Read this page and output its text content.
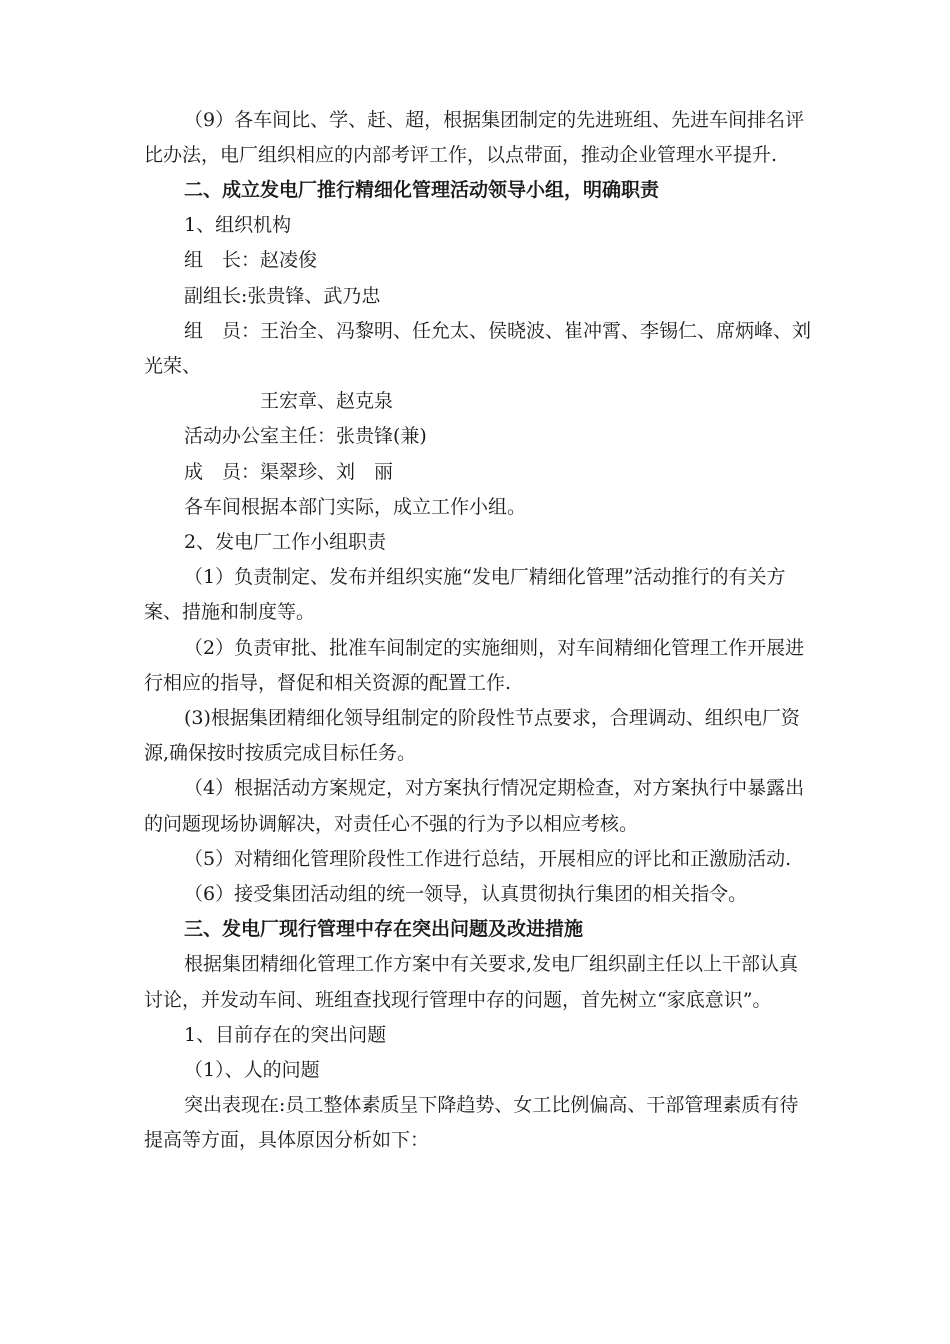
（9）各车间比、学、赶、超，根据集团制定的先进班组、先进车间排名评
比办法，电厂组织相应的内部考评工作，以点带面，推动企业管理水平提升.
二、成立发电厂推行精细化管理活动领导小组，明确职责
1、组织机构
组　长：赵凌俊
副组长:张贵锋、武乃忠
组　员：王治全、冯黎明、任允太、侯晓波、崔冲霄、李锡仁、席炳峰、刘
光荣、
王宏章、赵克泉
活动办公室主任：张贵锋(兼)
成　员：渠翠珍、刘　丽
各车间根据本部门实际，成立工作小组。
2、发电厂工作小组职责
（1）负责制定、发布并组织实施“发电厂精细化管理”活动推行的有关方
案、措施和制度等。
（2）负责审批、批准车间制定的实施细则，对车间精细化管理工作开展进
行相应的指导，督促和相关资源的配置工作.
(3)根据集团精细化领导组制定的阶段性节点要求，合理调动、组织电厂资
源,确保按时按质完成目标任务。
（4）根据活动方案规定，对方案执行情况定期检查，对方案执行中暴露出
的问题现场协调解决，对责任心不强的行为予以相应考核。
（5）对精细化管理阶段性工作进行总结，开展相应的评比和正激励活动.
（6）接受集团活动组的统一领导，认真贯彻执行集团的相关指令。
三、发电厂现行管理中存在突出问题及改进措施
根据集团精细化管理工作方案中有关要求,发电厂组织副主任以上干部认真
讨论，并发动车间、班组查找现行管理中存的问题，首先树立“家底意识”。
1、目前存在的突出问题
（1）、人的问题
突出表现在:员工整体素质呈下降趋势、女工比例偏高、干部管理素质有待
提高等方面，具体原因分析如下：
